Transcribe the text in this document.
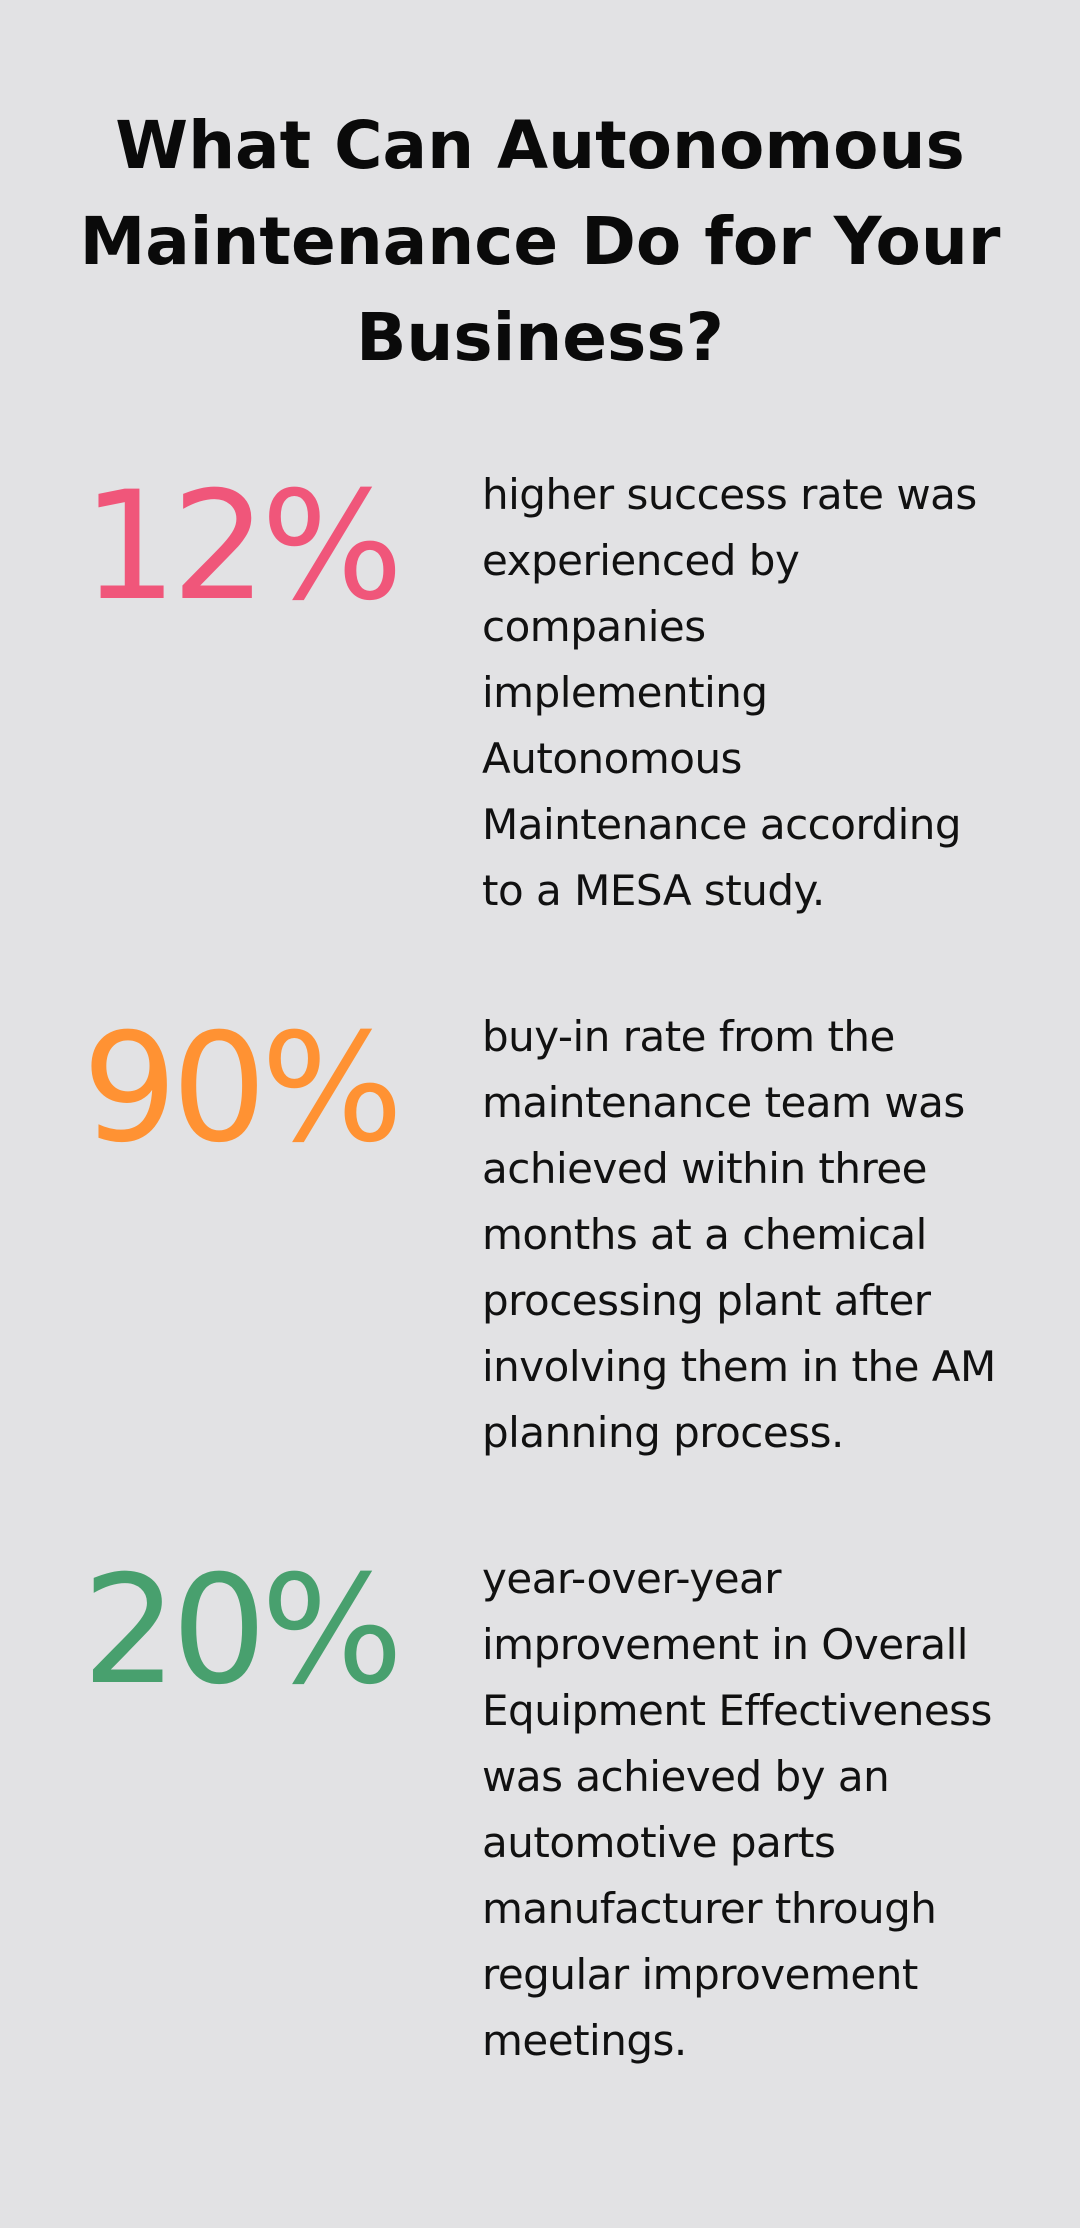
What Can Autonomous Maintenance Do for Your Business?
12% higher success rate was experienced by companies implementing Autonomous Maintenance according to a MESA study.
90% buy-in rate from the maintenance team was achieved within three months at a chemical processing plant after involving them in the AM planning process.
20% year-over-year improvement in Overall Equipment Effectiveness was achieved by an automotive parts manufacturer through regular improvement meetings.
